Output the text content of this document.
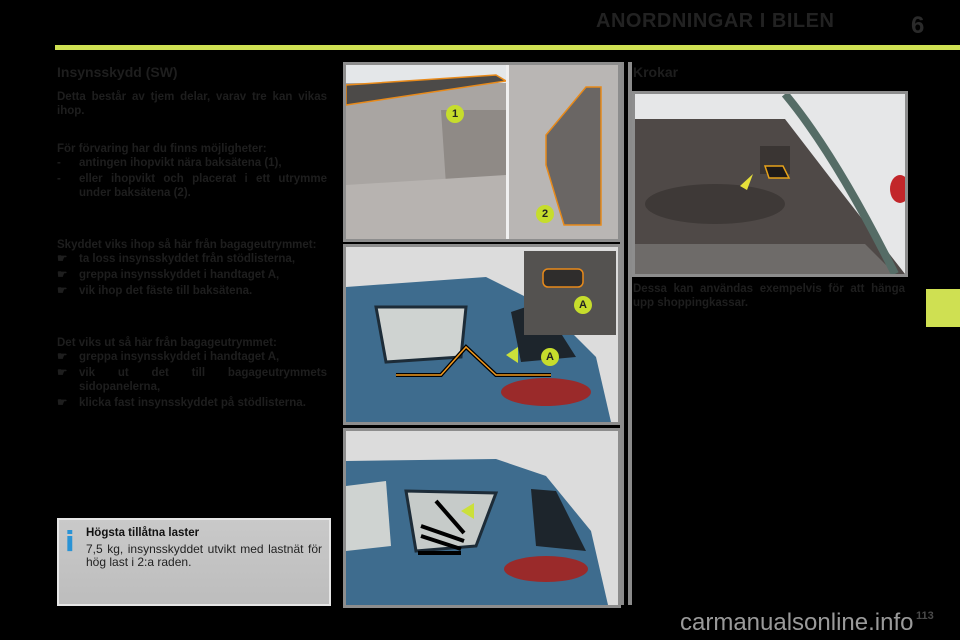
ANORDNINGAR I BILEN	6
Insynsskydd (SW)

Detta består av tjem delar, varav tre kan vikas ihop.

För förvaring har du finns möjligheter:

-	antingen ihopvikt nära baksätena (1),
-	eller ihopvikt och placerat i ett utrymme under baksätena (2).

Skyddet viks ihop så här från bagageutrymmet:

☛	ta loss insynsskyddet från stödlisterna,
☛	greppa insynsskyddet i handtaget A,
☛	vik ihop det fäste till baksätena.

Det viks ut så här från bagageutrymmet:

☛	greppa insynsskyddet i handtaget A,
☛	vik ut det till bagageutrymmets sidopanelerna,
☛	klicka fast insynsskyddet på stödlisterna.
i Högsta tillåtna laster
7,5 kg, insynsskyddet utvikt med lastnät för hög last i 2:a raden.
1
2
A
A
Krokar

Dessa kan användas exempelvis för att hänga upp shoppingkassar.

113
carmanualsonline.info
